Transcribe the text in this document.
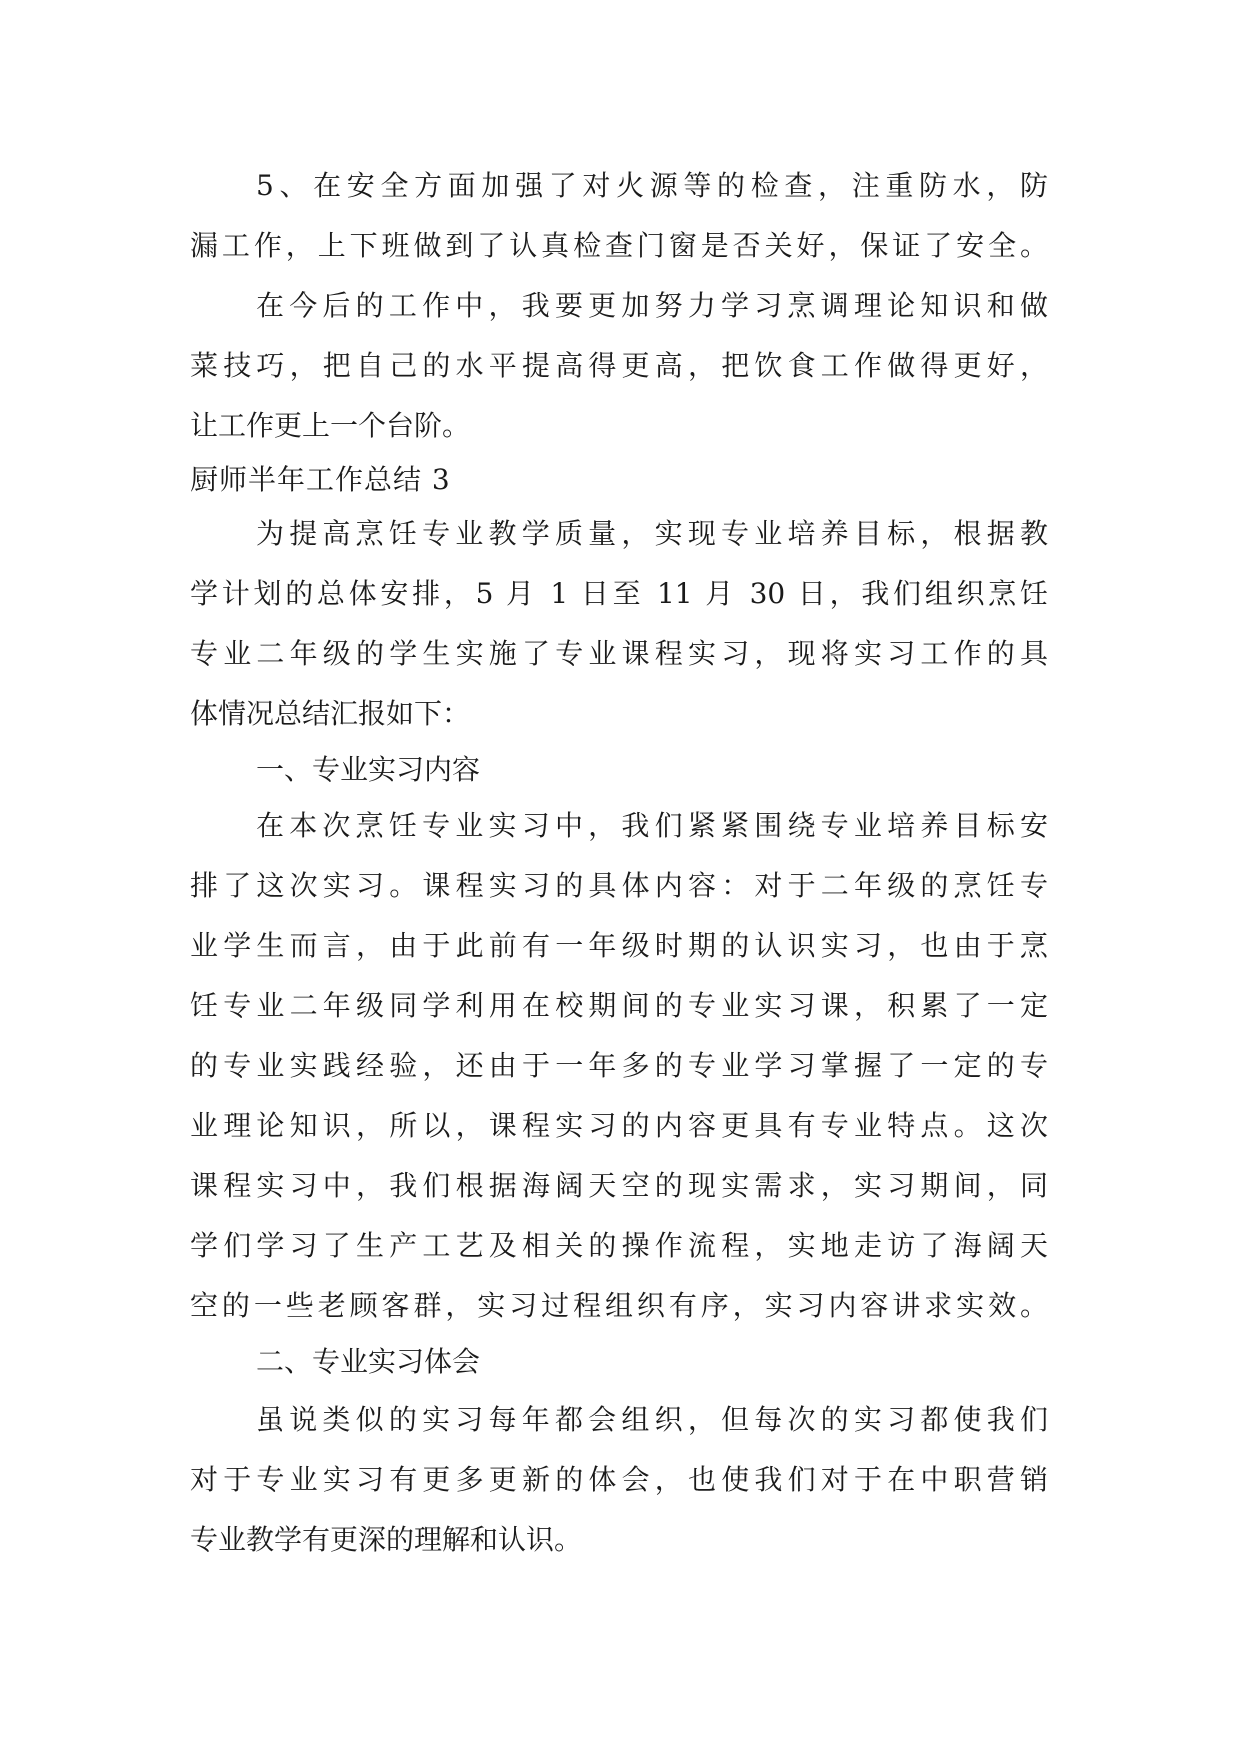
5、在安全方面加强了对火源等的检查，注重防水，防

漏工作，上下班做到了认真检查门窗是否关好，保证了安全。

在今后的工作中，我要更加努力学习烹调理论知识和做

菜技巧，把自己的水平提高得更高，把饮食工作做得更好，

让工作更上一个台阶。

厨师半年工作总结 3

为提高烹饪专业教学质量，实现专业培养目标，根据教

学计划的总体安排，5 月 1 日至 11 月 30 日，我们组织烹饪

专业二年级的学生实施了专业课程实习，现将实习工作的具

体情况总结汇报如下：

一、专业实习内容

在本次烹饪专业实习中，我们紧紧围绕专业培养目标安

排了这次实习。课程实习的具体内容：对于二年级的烹饪专

业学生而言，由于此前有一年级时期的认识实习，也由于烹

饪专业二年级同学利用在校期间的专业实习课，积累了一定

的专业实践经验，还由于一年多的专业学习掌握了一定的专

业理论知识，所以，课程实习的内容更具有专业特点。这次

课程实习中，我们根据海阔天空的现实需求，实习期间，同

学们学习了生产工艺及相关的操作流程，实地走访了海阔天

空的一些老顾客群，实习过程组织有序，实习内容讲求实效。

二、专业实习体会

虽说类似的实习每年都会组织，但每次的实习都使我们

对于专业实习有更多更新的体会，也使我们对于在中职营销

专业教学有更深的理解和认识。
